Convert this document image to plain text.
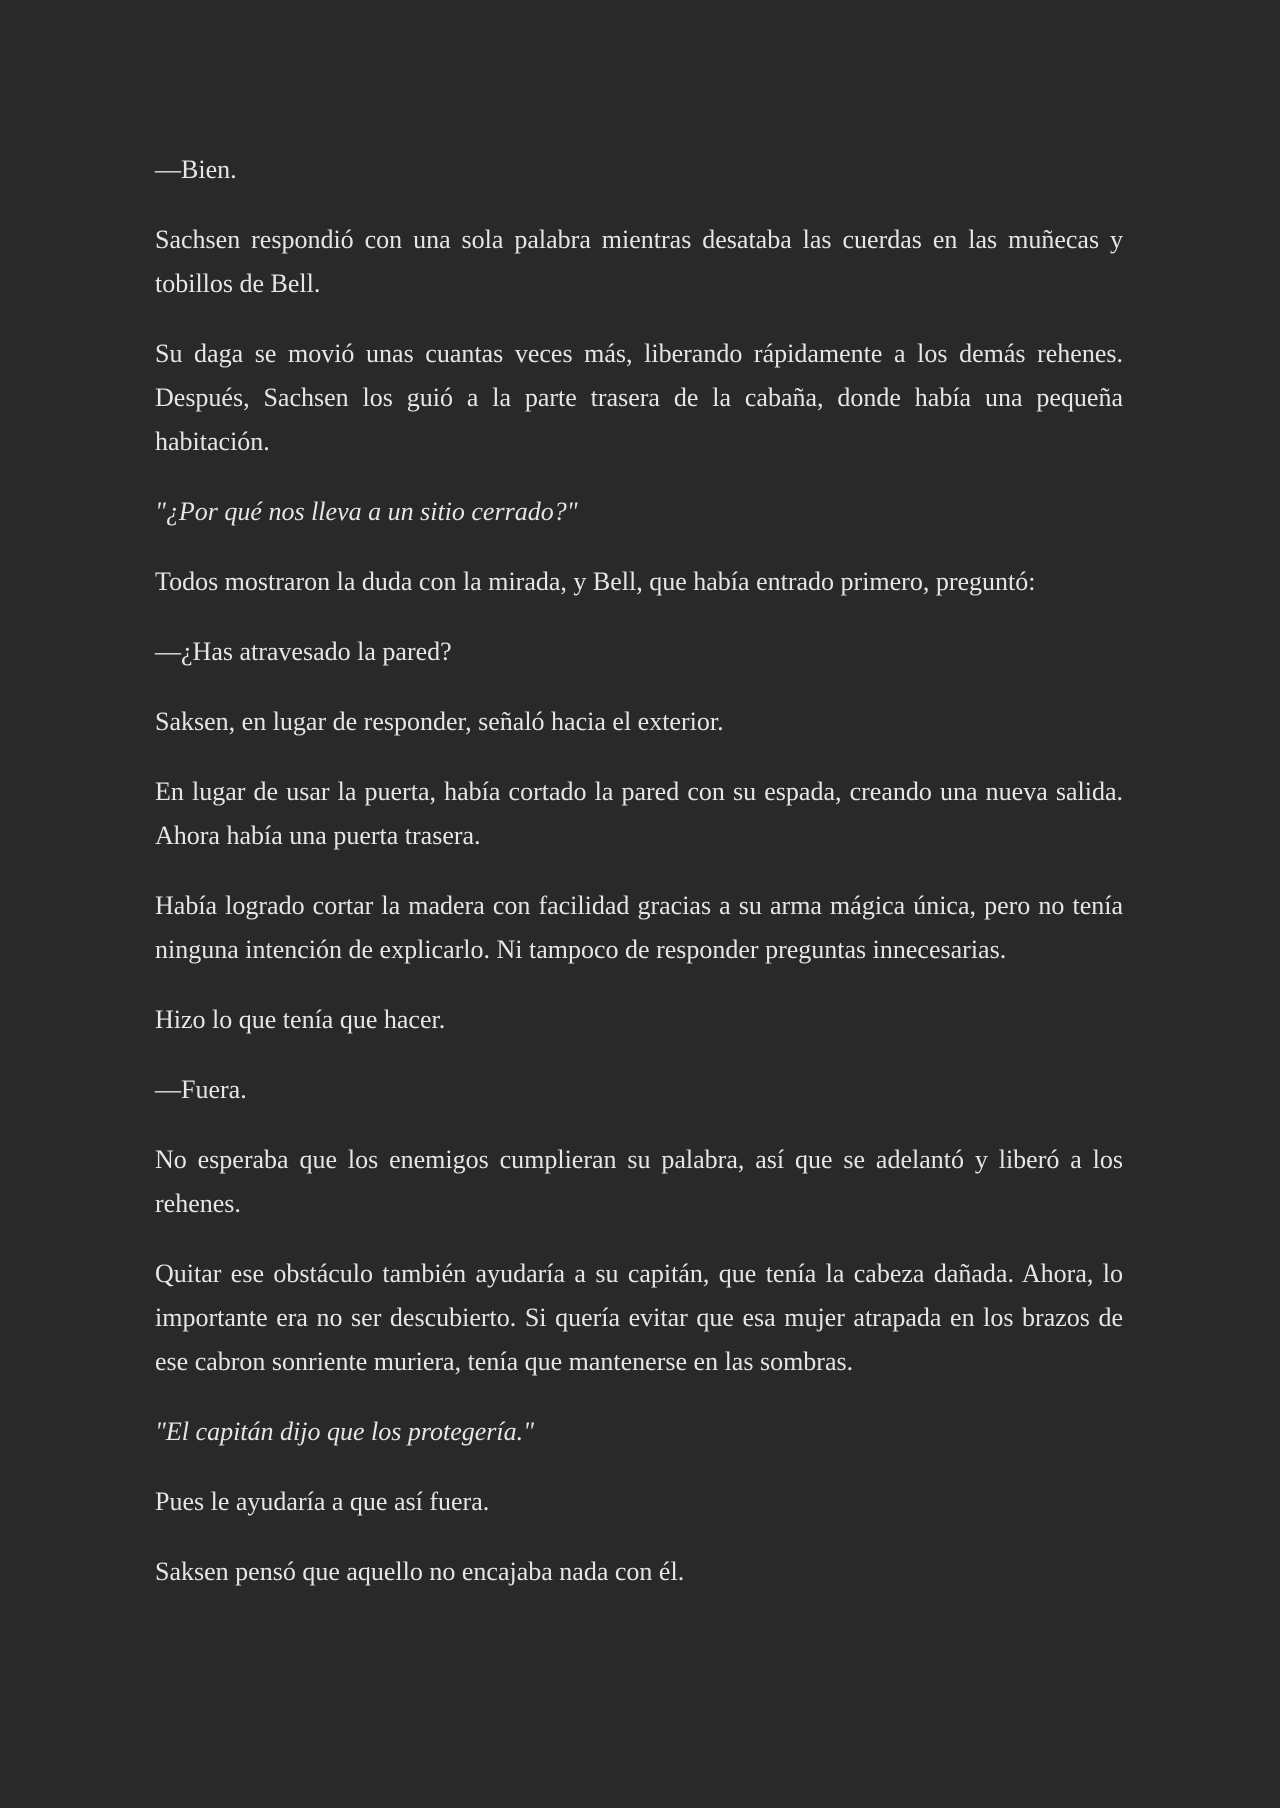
—Bien.

Sachsen respondió con una sola palabra mientras desataba las cuerdas en las muñecas y tobillos de Bell.

Su daga se movió unas cuantas veces más, liberando rápidamente a los demás rehenes. Después, Sachsen los guió a la parte trasera de la cabaña, donde había una pequeña habitación.

"¿Por qué nos lleva a un sitio cerrado?"

Todos mostraron la duda con la mirada, y Bell, que había entrado primero, preguntó:

—¿Has atravesado la pared?

Saksen, en lugar de responder, señaló hacia el exterior.

En lugar de usar la puerta, había cortado la pared con su espada, creando una nueva salida. Ahora había una puerta trasera.

Había logrado cortar la madera con facilidad gracias a su arma mágica única, pero no tenía ninguna intención de explicarlo. Ni tampoco de responder preguntas innecesarias.

Hizo lo que tenía que hacer.

—Fuera.

No esperaba que los enemigos cumplieran su palabra, así que se adelantó y liberó a los rehenes.

Quitar ese obstáculo también ayudaría a su capitán, que tenía la cabeza dañada. Ahora, lo importante era no ser descubierto. Si quería evitar que esa mujer atrapada en los brazos de ese cabron sonriente muriera, tenía que mantenerse en las sombras.

"El capitán dijo que los protegería."

Pues le ayudaría a que así fuera.

Saksen pensó que aquello no encajaba nada con él.
